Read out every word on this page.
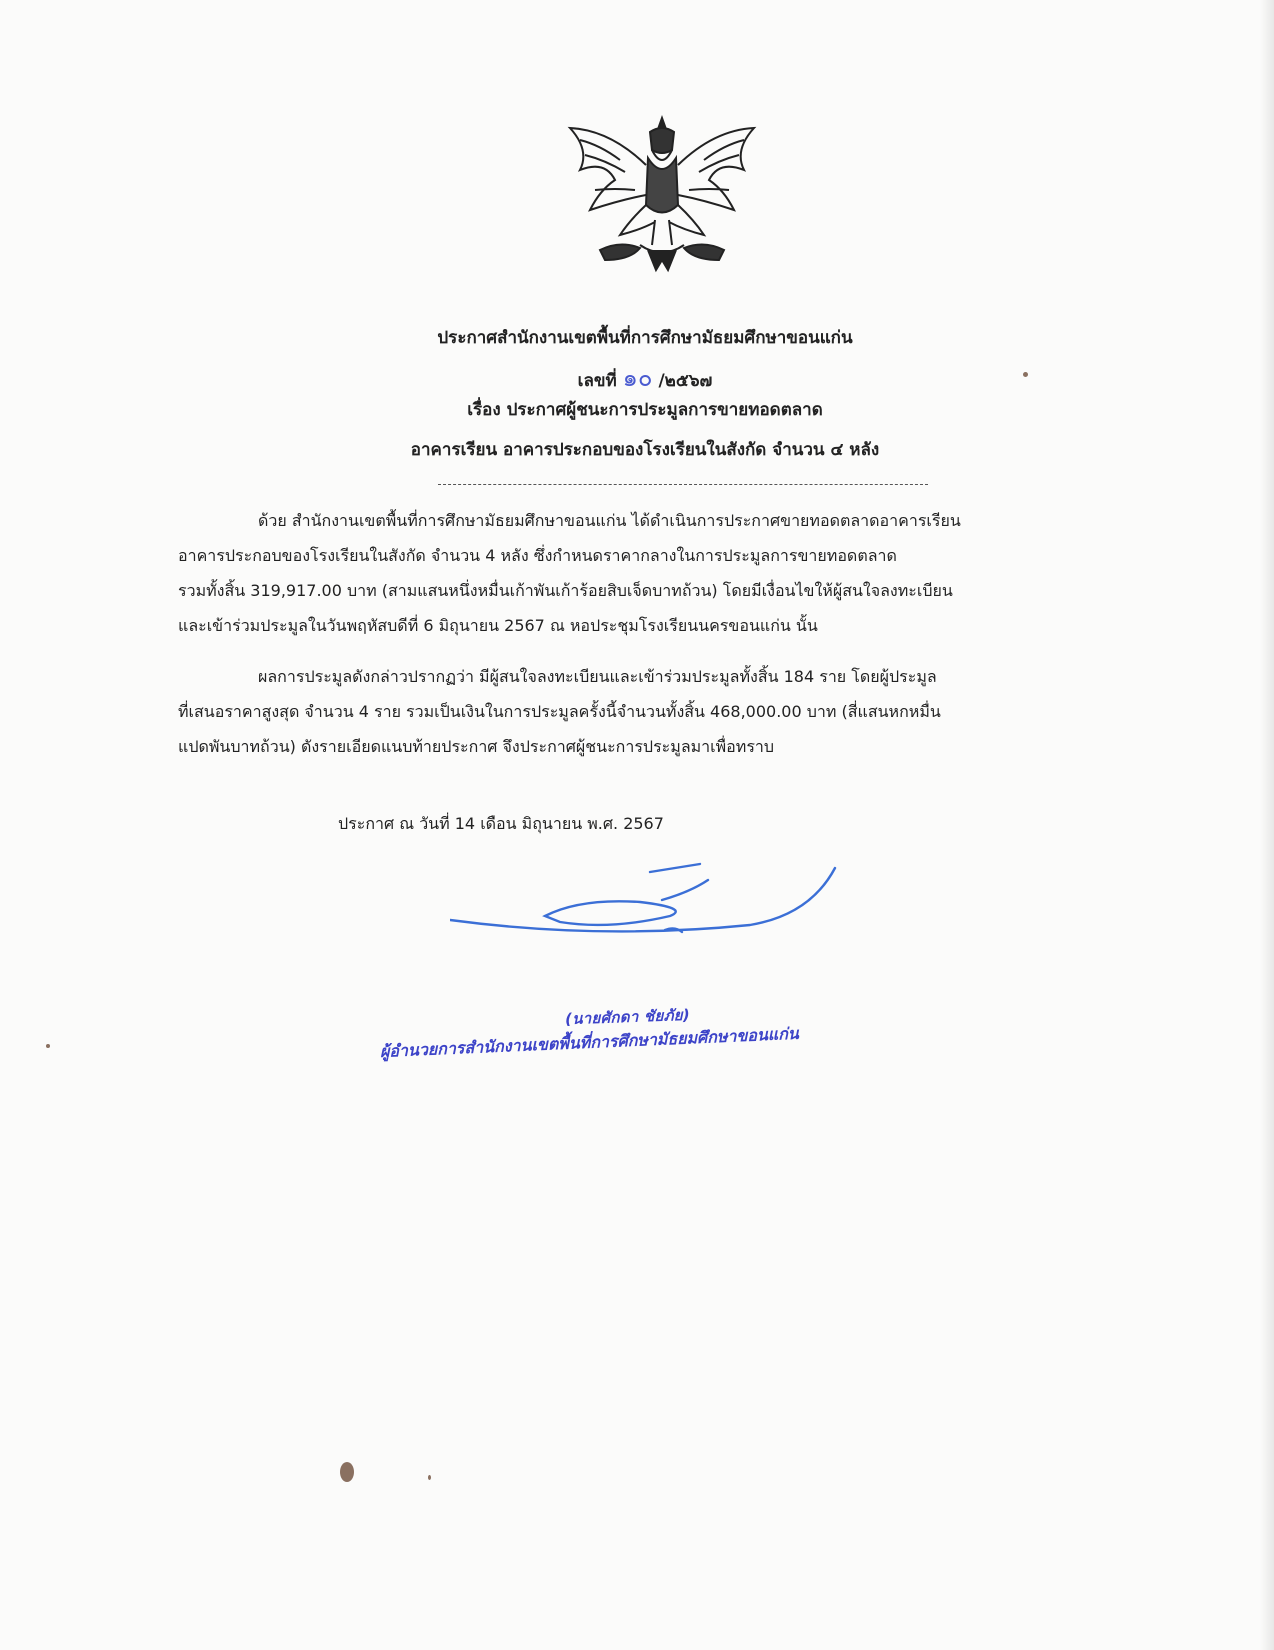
ประกาศสำนักงานเขตพื้นที่การศึกษามัธยมศึกษาขอนแก่น
เลขที่ ๑๐ /๒๕๖๗
เรื่อง ประกาศผู้ชนะการประมูลการขายทอดตลาด
อาคารเรียน อาคารประกอบของโรงเรียนในสังกัด จำนวน ๔ หลัง
ด้วย สำนักงานเขตพื้นที่การศึกษามัธยมศึกษาขอนแก่น ได้ดำเนินการประกาศขายทอดตลาดอาคารเรียน
อาคารประกอบของโรงเรียนในสังกัด จำนวน 4 หลัง ซึ่งกำหนดราคากลางในการประมูลการขายทอดตลาด
รวมทั้งสิ้น 319,917.00 บาท (สามแสนหนึ่งหมื่นเก้าพันเก้าร้อยสิบเจ็ดบาทถ้วน) โดยมีเงื่อนไขให้ผู้สนใจลงทะเบียน
และเข้าร่วมประมูลในวันพฤหัสบดีที่ 6 มิถุนายน 2567 ณ หอประชุมโรงเรียนนครขอนแก่น นั้น
ผลการประมูลดังกล่าวปรากฏว่า มีผู้สนใจลงทะเบียนและเข้าร่วมประมูลทั้งสิ้น 184 ราย โดยผู้ประมูล
ที่เสนอราคาสูงสุด จำนวน 4 ราย รวมเป็นเงินในการประมูลครั้งนี้จำนวนทั้งสิ้น 468,000.00 บาท (สี่แสนหกหมื่น
แปดพันบาทถ้วน) ดังรายเอียดแนบท้ายประกาศ จึงประกาศผู้ชนะการประมูลมาเพื่อทราบ
ประกาศ ณ วันที่ 14 เดือน มิถุนายน พ.ศ. 2567
(นายศักดา ชัยภัย)
ผู้อำนวยการสำนักงานเขตพื้นที่การศึกษามัธยมศึกษาขอนแก่น
